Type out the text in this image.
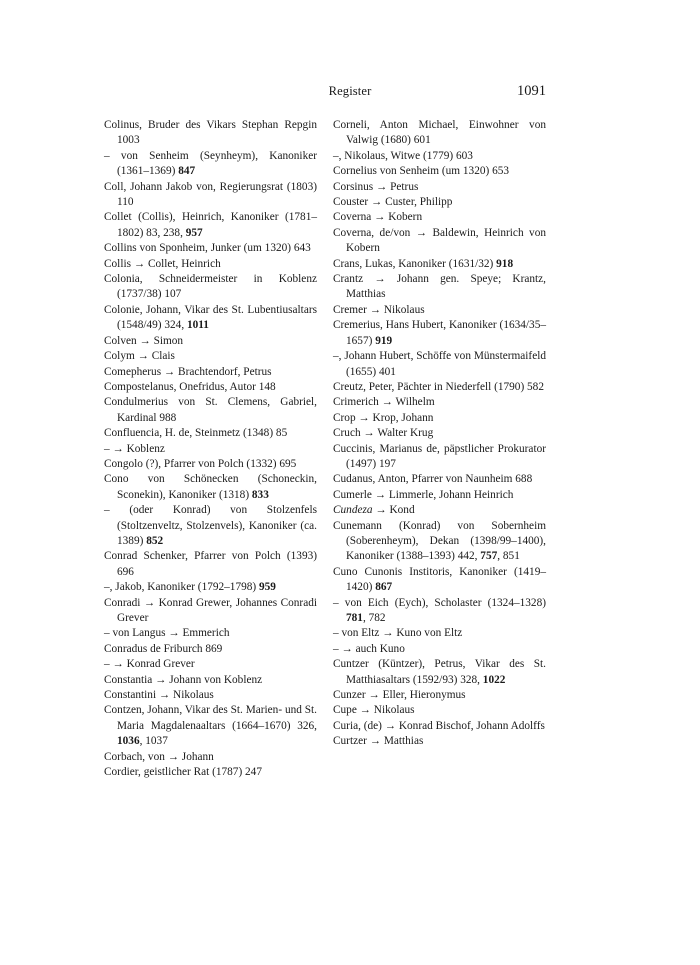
Register	1091

Colinus, Bruder des Vikars Stephan Repgin 1003

– von Senheim (Seynheym), Kanoniker (1361–1369) 847

Coll, Johann Jakob von, Regierungsrat (1803) 110

Collet (Collis), Heinrich, Kanoniker (1781–1802) 83, 238, 957

Collins von Sponheim, Junker (um 1320) 643

Collis → Collet, Heinrich

Colonia, Schneidermeister in Koblenz (1737/38) 107

Colonie, Johann, Vikar des St. Lubentiusaltars (1548/49) 324, 1011

Colven → Simon

Colym → Clais

Comepherus → Brachtendorf, Petrus

Compostelanus, Onefridus, Autor 148

Condulmerius von St. Clemens, Gabriel, Kardinal 988

Confluencia, H. de, Steinmetz (1348) 85

– → Koblenz

Congolo (?), Pfarrer von Polch (1332) 695

Cono von Schönecken (Schoneckin, Sconekin), Kanoniker (1318) 833

– (oder Konrad) von Stolzenfels (Stoltzenveltz, Stolzenvels), Kanoniker (ca. 1389) 852

Conrad Schenker, Pfarrer von Polch (1393) 696

–, Jakob, Kanoniker (1792–1798) 959

Conradi → Konrad Grewer, Johannes Conradi Grever

– von Langus → Emmerich

Conradus de Friburch 869

– → Konrad Grever

Constantia → Johann von Koblenz

Constantini → Nikolaus

Contzen, Johann, Vikar des St. Marien- und St. Maria Magdalenaaltars (1664–1670) 326, 1036, 1037

Corbach, von → Johann

Cordier, geistlicher Rat (1787) 247

Corneli, Anton Michael, Einwohner von Valwig (1680) 601

–, Nikolaus, Witwe (1779) 603

Cornelius von Senheim (um 1320) 653

Corsinus → Petrus

Couster → Custer, Philipp

Coverna → Kobern

Coverna, de/von → Baldewin, Heinrich von Kobern

Crans, Lukas, Kanoniker (1631/32) 918

Crantz → Johann gen. Speye; Krantz, Matthias

Cremer → Nikolaus

Cremerius, Hans Hubert, Kanoniker (1634/35–1657) 919

–, Johann Hubert, Schöffe von Münstermaifeld (1655) 401

Creutz, Peter, Pächter in Niederfell (1790) 582

Crimerich → Wilhelm

Crop → Krop, Johann

Cruch → Walter Krug

Cuccinis, Marianus de, päpstlicher Prokurator (1497) 197

Cudanus, Anton, Pfarrer von Naunheim 688

Cumerle → Limmerle, Johann Heinrich

Cundeza → Kond

Cunemann (Konrad) von Sobernheim (Soberenheym), Dekan (1398/99–1400), Kanoniker (1388–1393) 442, 757, 851

Cuno Cunonis Institoris, Kanoniker (1419–1420) 867

– von Eich (Eych), Scholaster (1324–1328) 781, 782

– von Eltz → Kuno von Eltz

– → auch Kuno

Cuntzer (Küntzer), Petrus, Vikar des St. Matthiasaltars (1592/93) 328, 1022

Cunzer → Eller, Hieronymus

Cupe → Nikolaus

Curia, (de) → Konrad Bischof, Johann Adolffs

Curtzer → Matthias
